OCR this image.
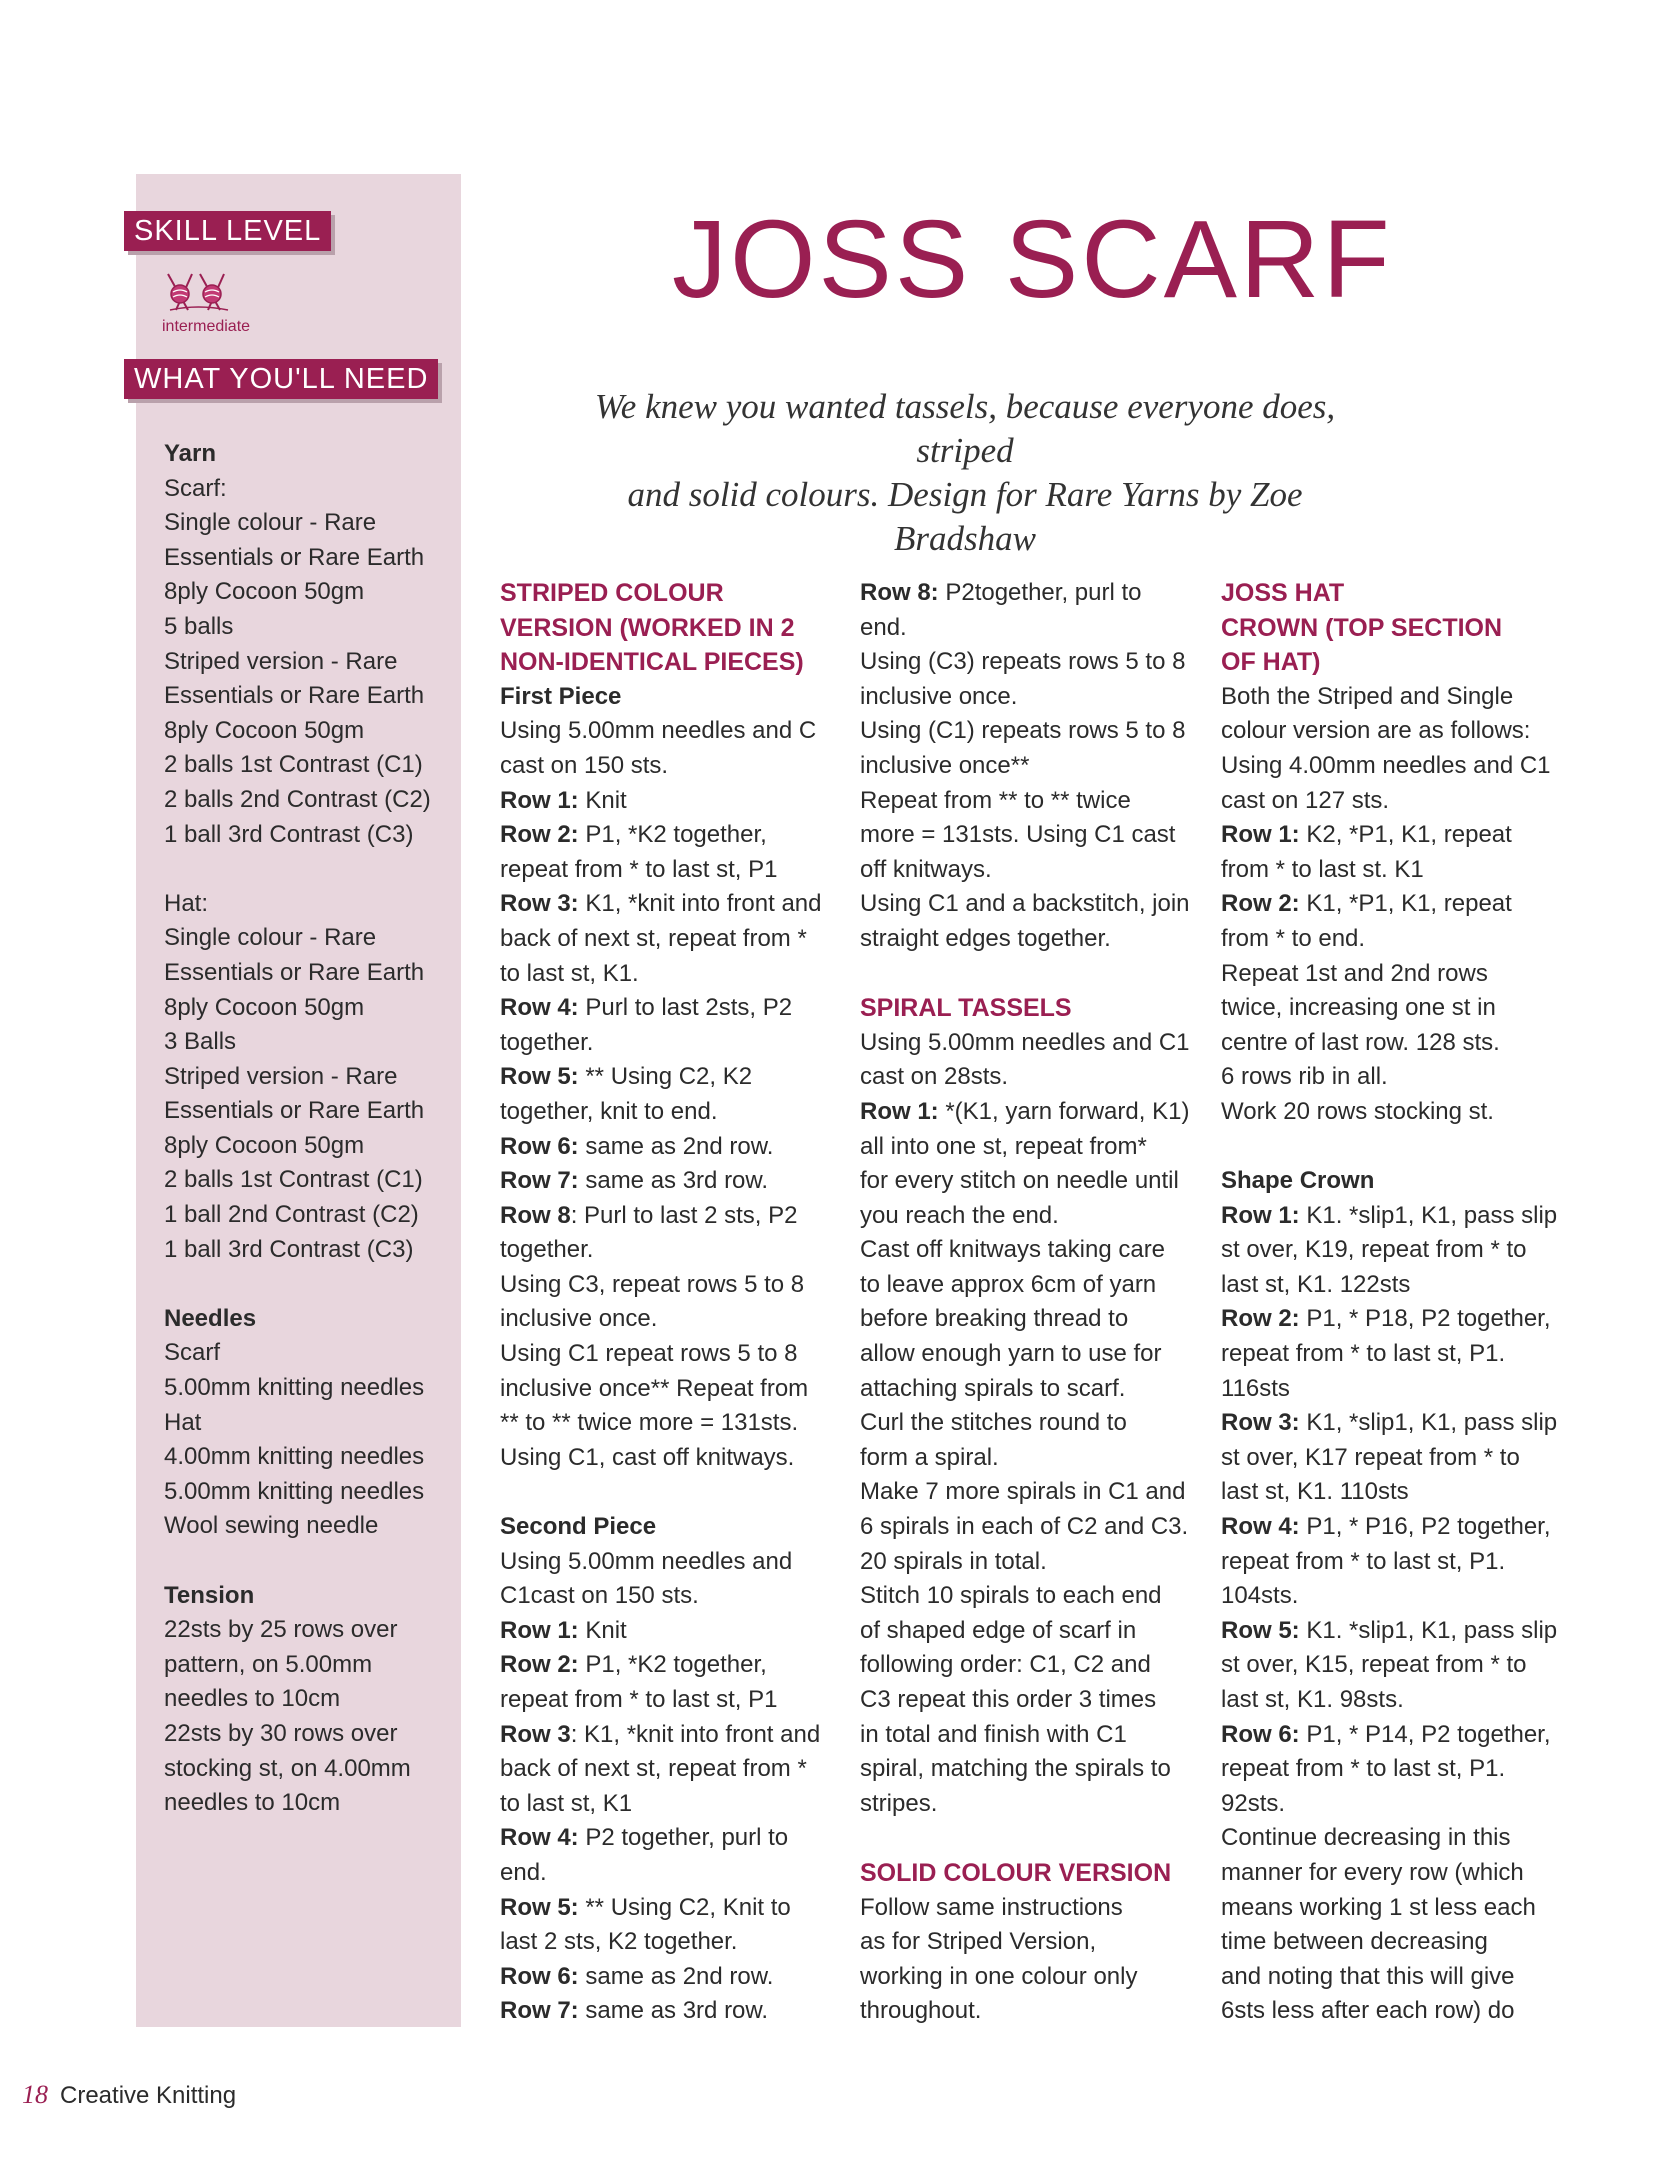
SKILL LEVEL
intermediate
WHAT YOU'LL NEED
Yarn
Scarf:
Single colour - Rare
Essentials or Rare Earth
8ply Cocoon 50gm
5 balls
Striped version - Rare
Essentials or Rare Earth
8ply Cocoon 50gm
2 balls 1st Contrast (C1)
2 balls 2nd Contrast (C2)
1 ball 3rd Contrast (C3)
Hat:
Single colour - Rare
Essentials or Rare Earth
8ply Cocoon 50gm
3 Balls
Striped version - Rare
Essentials or Rare Earth
8ply Cocoon 50gm
2 balls 1st Contrast (C1)
1 ball 2nd Contrast (C2)
1 ball 3rd Contrast (C3)
Needles
Scarf
5.00mm knitting needles
Hat
4.00mm knitting needles
5.00mm knitting needles
Wool sewing needle
Tension
22sts by 25 rows over
pattern, on 5.00mm
needles to 10cm
22sts by 30 rows over
stocking st, on 4.00mm
needles to 10cm
JOSS SCARF
We knew you wanted tassels, because everyone does, striped
and solid colours. Design for Rare Yarns by Zoe Bradshaw
STRIPED COLOUR
VERSION (WORKED IN 2
NON-IDENTICAL PIECES)
First Piece
Using 5.00mm needles and C
cast on 150 sts.
Row 1: Knit
Row 2: P1, *K2 together,
repeat from * to last st, P1
Row 3: K1, *knit into front and
back of next st, repeat from *
to last st, K1.
Row 4: Purl to last 2sts, P2
together.
Row 5: ** Using C2, K2
together, knit to end.
Row 6: same as 2nd row.
Row 7: same as 3rd row.
Row 8: Purl to last 2 sts, P2
together.
Using C3, repeat rows 5 to 8
inclusive once.
Using C1 repeat rows 5 to 8
inclusive once** Repeat from
** to ** twice more = 131sts.
Using C1, cast off knitways.
Second Piece
Using 5.00mm needles and
C1cast on 150 sts.
Row 1: Knit
Row 2: P1, *K2 together,
repeat from * to last st, P1
Row 3: K1, *knit into front and
back of next st, repeat from *
to last st, K1
Row 4: P2 together, purl to
end.
Row 5: ** Using C2, Knit to
last 2 sts, K2 together.
Row 6: same as 2nd row.
Row 7: same as 3rd row.
Row 8: P2together, purl to
end.
Using (C3) repeats rows 5 to 8
inclusive once.
Using (C1) repeats rows 5 to 8
inclusive once**
Repeat from ** to ** twice
more = 131sts. Using C1 cast
off knitways.
Using C1 and a backstitch, join
straight edges together.
SPIRAL TASSELS
Using 5.00mm needles and C1
cast on 28sts.
Row 1: *(K1, yarn forward, K1)
all into one st, repeat from*
for every stitch on needle until
you reach the end.
Cast off knitways taking care
to leave approx 6cm of yarn
before breaking thread to
allow enough yarn to use for
attaching spirals to scarf.
Curl the stitches round to
form a spiral.
Make 7 more spirals in C1 and
6 spirals in each of C2 and C3.
20 spirals in total.
Stitch 10 spirals to each end
of shaped edge of scarf in
following order: C1, C2 and
C3 repeat this order 3 times
in total and finish with C1
spiral, matching the spirals to
stripes.
SOLID COLOUR VERSION
Follow same instructions
as for Striped Version,
working in one colour only
throughout.
JOSS HAT
CROWN (TOP SECTION
OF HAT)
Both the Striped and Single
colour version are as follows:
Using 4.00mm needles and C1
cast on 127 sts.
Row 1: K2, *P1, K1, repeat
from * to last st. K1
Row 2: K1, *P1, K1, repeat
from * to end.
Repeat 1st and 2nd rows
twice, increasing one st in
centre of last row. 128 sts.
6 rows rib in all.
Work 20 rows stocking st.
Shape Crown
Row 1: K1. *slip1, K1, pass slip
st over, K19, repeat from * to
last st, K1. 122sts
Row 2: P1, * P18, P2 together,
repeat from * to last st, P1.
116sts
Row 3: K1, *slip1, K1, pass slip
st over, K17 repeat from * to
last st, K1. 110sts
Row 4: P1, * P16, P2 together,
repeat from * to last st, P1.
104sts.
Row 5: K1. *slip1, K1, pass slip
st over, K15, repeat from * to
last st, K1. 98sts.
Row 6: P1, * P14, P2 together,
repeat from * to last st, P1.
92sts.
Continue decreasing in this
manner for every row (which
means working 1 st less each
time between decreasing
and noting that this will give
6sts less after each row) do
18 Creative Knitting
